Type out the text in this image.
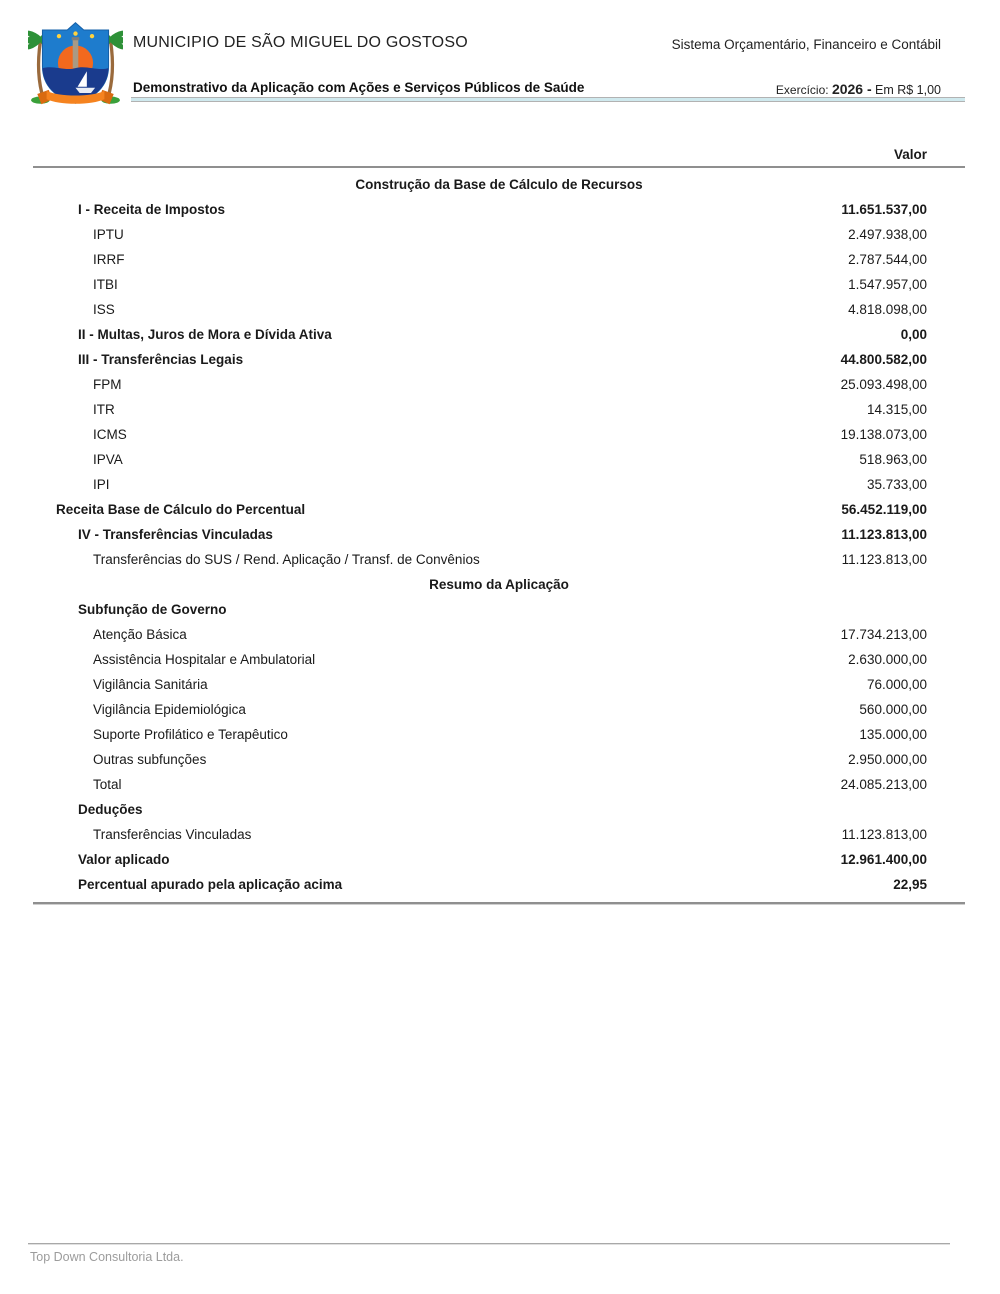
MUNICIPIO DE SÃO MIGUEL DO GOSTOSO	Sistema Orçamentário, Financeiro e Contábil
Demonstrativo da Aplicação com Ações e Serviços Públicos de Saúde	Exercício: 2026 - Em R$ 1,00
Valor
Construção da Base de Cálculo de Recursos
I - Receita de Impostos	11.651.537,00
IPTU	2.497.938,00
IRRF	2.787.544,00
ITBI	1.547.957,00
ISS	4.818.098,00
II - Multas, Juros de Mora e Dívida Ativa	0,00
III - Transferências Legais	44.800.582,00
FPM	25.093.498,00
ITR	14.315,00
ICMS	19.138.073,00
IPVA	518.963,00
IPI	35.733,00
Receita Base de Cálculo do Percentual	56.452.119,00
IV - Transferências Vinculadas	11.123.813,00
Transferências do SUS / Rend. Aplicação / Transf. de Convênios	11.123.813,00
Resumo da Aplicação
Subfunção de Governo
Atenção Básica	17.734.213,00
Assistência Hospitalar e Ambulatorial	2.630.000,00
Vigilância Sanitária	76.000,00
Vigilância Epidemiológica	560.000,00
Suporte Profilático e Terapêutico	135.000,00
Outras subfunções	2.950.000,00
Total	24.085.213,00
Deduções
Transferências Vinculadas	11.123.813,00
Valor aplicado	12.961.400,00
Percentual apurado pela aplicação acima	22,95
Top Down Consultoria Ltda.
